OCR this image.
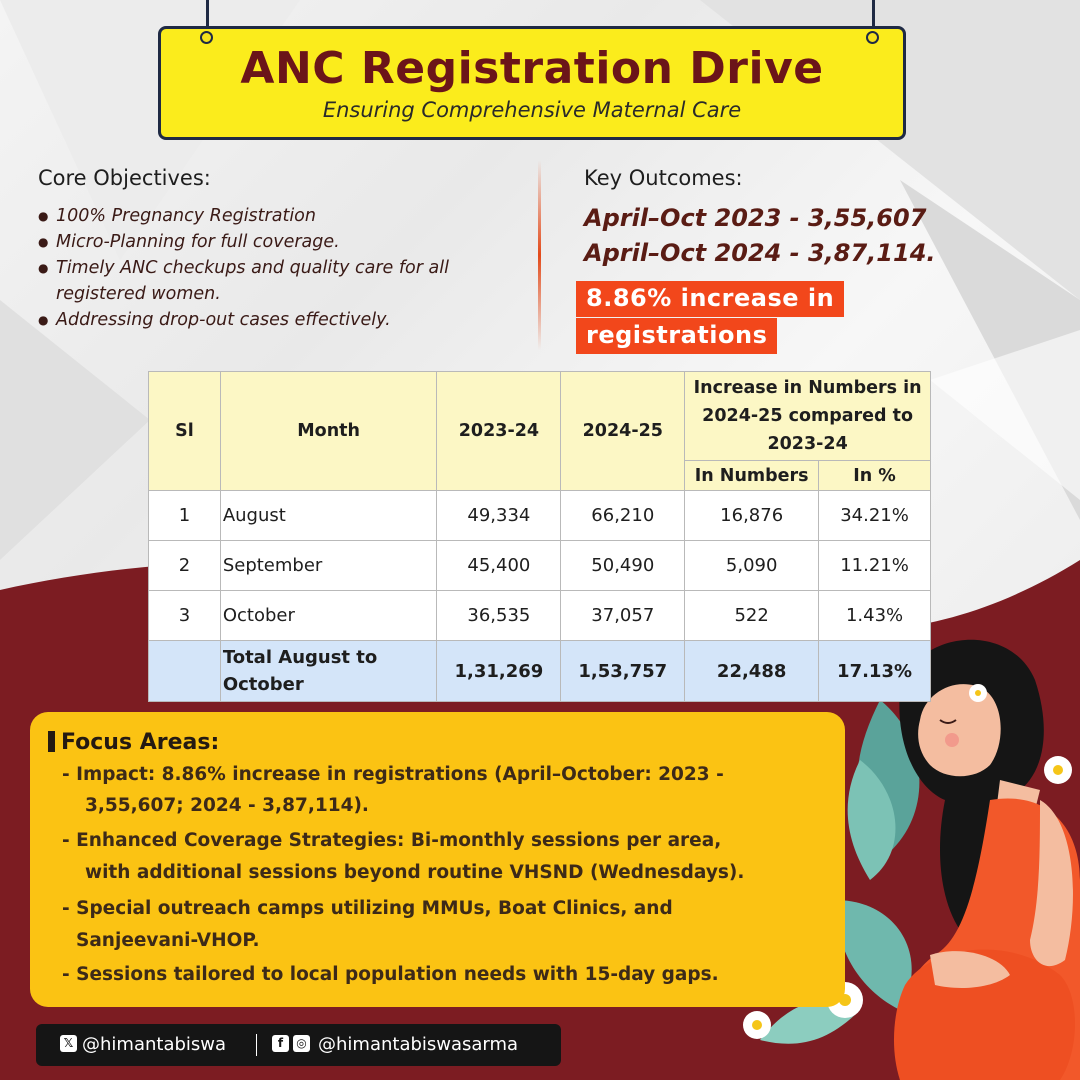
ANC Registration Drive
Ensuring Comprehensive Maternal Care
Core Objectives:
● 100% Pregnancy Registration
● Micro-Planning for full coverage.
● Timely ANC checkups and quality care for all registered women.
● Addressing drop-out cases effectively.
Key Outcomes:
April–Oct 2023 - 3,55,607
April–Oct 2024 - 3,87,114.
8.86% increase in
registrations
Sl	Month	2023-24	2024-25	Increase in Numbers in 2024-25 compared to 2023-24	
				In Numbers	In %
1	August	49,334	66,210	16,876	34.21%
2	September	45,400	50,490	5,090	11.21%
3	October	36,535	37,057	522	1.43%
	Total August to October	1,31,269	1,53,757	22,488	17.13%
Focus Areas:
- Impact: 8.86% increase in registrations (April–October: 2023 -
3,55,607; 2024 - 3,87,114).
- Enhanced Coverage Strategies: Bi-monthly sessions per area,
with additional sessions beyond routine VHSND (Wednesdays).
- Special outreach camps utilizing MMUs, Boat Clinics, and
Sanjeevani-VHOP.
- Sessions tailored to local population needs with 15-day gaps.
𝕏 @himantabiswa	f	◎ @himantabiswasarma
